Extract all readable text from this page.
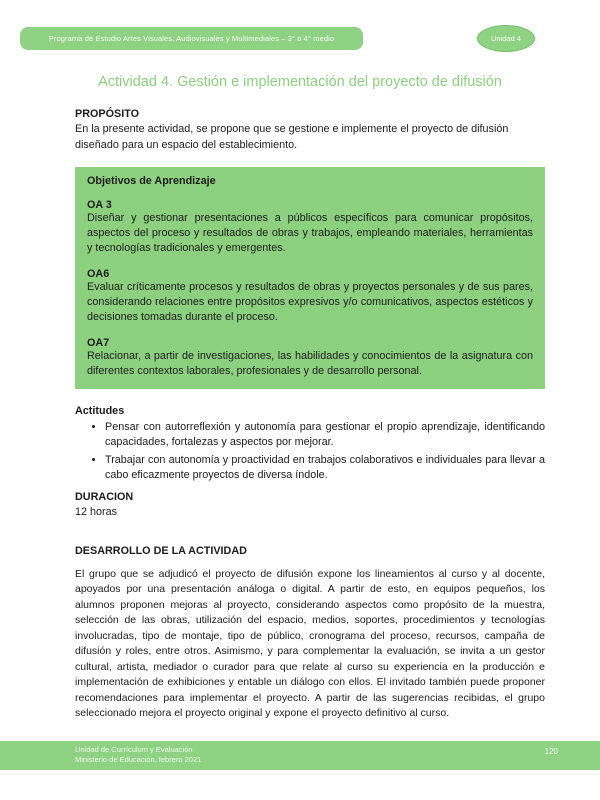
Programa de Estudio Artes Visuales, Audiovisuales y Multimediales – 3° o 4° medio	Unidad 4
Actividad 4. Gestión e implementación del proyecto de difusión
PROPÓSITO

En la presente actividad, se propone que se gestione e implemente el proyecto de difusión diseñado para un espacio del establecimiento.

Objetivos de Aprendizaje
OA 3
Diseñar y gestionar presentaciones a públicos específicos para comunicar propósitos, aspectos del proceso y resultados de obras y trabajos, empleando materiales, herramientas y tecnologías tradicionales y emergentes.
OA6
Evaluar críticamente procesos y resultados de obras y proyectos personales y de sus pares, considerando relaciones entre propósitos expresivos y/o comunicativos, aspectos estéticos y decisiones tomadas durante el proceso.
OA7
Relacionar, a partir de investigaciones, las habilidades y conocimientos de la asignatura con diferentes contextos laborales, profesionales y de desarrollo personal.
Actitudes
• Pensar con autorreflexión y autonomía para gestionar el propio aprendizaje, identificando capacidades, fortalezas y aspectos por mejorar.
• Trabajar con autonomía y proactividad en trabajos colaborativos e individuales para llevar a cabo eficazmente proyectos de diversa índole.
DURACION

12 horas

DESARROLLO DE LA ACTIVIDAD

El grupo que se adjudicó el proyecto de difusión expone los lineamientos al curso y al docente, apoyados por una presentación análoga o digital. A partir de esto, en equipos pequeños, los alumnos proponen mejoras al proyecto, considerando aspectos como propósito de la muestra, selección de las obras, utilización del espacio, medios, soportes, procedimientos y tecnologías involucradas, tipo de montaje, tipo de público, cronograma del proceso, recursos, campaña de difusión y roles, entre otros. Asimismo, y para complementar la evaluación, se invita a un gestor cultural, artista, mediador o curador para que relate al curso su experiencia en la producción e implementación de exhibiciones y entable un diálogo con ellos. El invitado también puede proponer recomendaciones para implementar el proyecto. A partir de las sugerencias recibidas, el grupo seleccionado mejora el proyecto original y expone el proyecto definitivo al curso.

Unidad de Currículum y Evaluación
Ministerio de Educación, febrero 2021
120
